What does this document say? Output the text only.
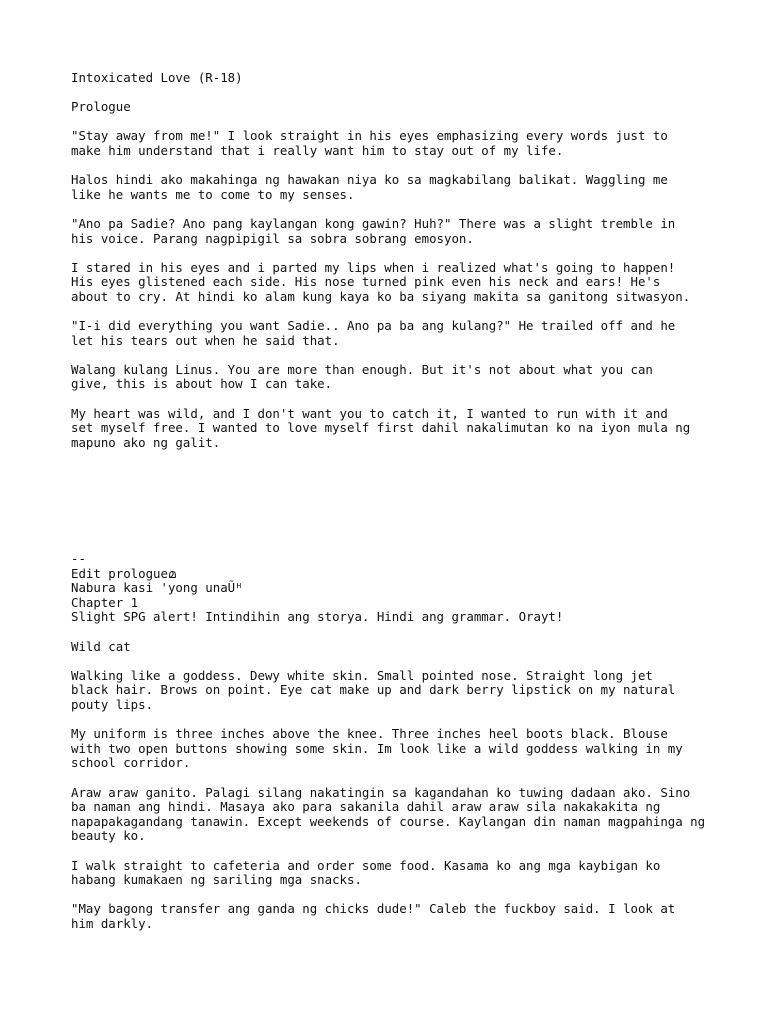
Intoxicated Love (R-18)
Prologue
"Stay away from me!" I look straight in his eyes emphasizing every words just to
make him understand that i really want him to stay out of my life.
Halos hindi ako makahinga ng hawakan niya ko sa magkabilang balikat. Waggling me
like he wants me to come to my senses.
"Ano pa Sadie? Ano pang kaylangan kong gawin? Huh?" There was a slight tremble in
his voice. Parang nagpipigil sa sobra sobrang emosyon.
I stared in his eyes and i parted my lips when i realized what's going to happen!
His eyes glistened each side. His nose turned pink even his neck and ears! He's
about to cry. At hindi ko alam kung kaya ko ba siyang makita sa ganitong sitwasyon.
"I-i did everything you want Sadie.. Ano pa ba ang kulang?" He trailed off and he
let his tears out when he said that.
Walang kulang Linus. You are more than enough. But it's not about what you can
give, this is about how I can take.
My heart was wild, and I don't want you to catch it, I wanted to run with it and
set myself free. I wanted to love myself first dahil nakalimutan ko na iyon mula ng
mapuno ako ng galit.
--
Edit prologueമ
Nabura kasi 'yong unaŨᴴ
Chapter 1
Slight SPG alert! Intindihin ang storya. Hindi ang grammar. Orayt!
Wild cat
Walking like a goddess. Dewy white skin. Small pointed nose. Straight long jet
black hair. Brows on point. Eye cat make up and dark berry lipstick on my natural
pouty lips.
My uniform is three inches above the knee. Three inches heel boots black. Blouse
with two open buttons showing some skin. Im look like a wild goddess walking in my
school corridor.
Araw araw ganito. Palagi silang nakatingin sa kagandahan ko tuwing dadaan ako. Sino
ba naman ang hindi. Masaya ako para sakanila dahil araw araw sila nakakakita ng
napapakagandang tanawin. Except weekends of course. Kaylangan din naman magpahinga ng
beauty ko.
I walk straight to cafeteria and order some food. Kasama ko ang mga kaybigan ko
habang kumakaen ng sariling mga snacks.
"May bagong transfer ang ganda ng chicks dude!" Caleb the fuckboy said. I look at
him darkly.
